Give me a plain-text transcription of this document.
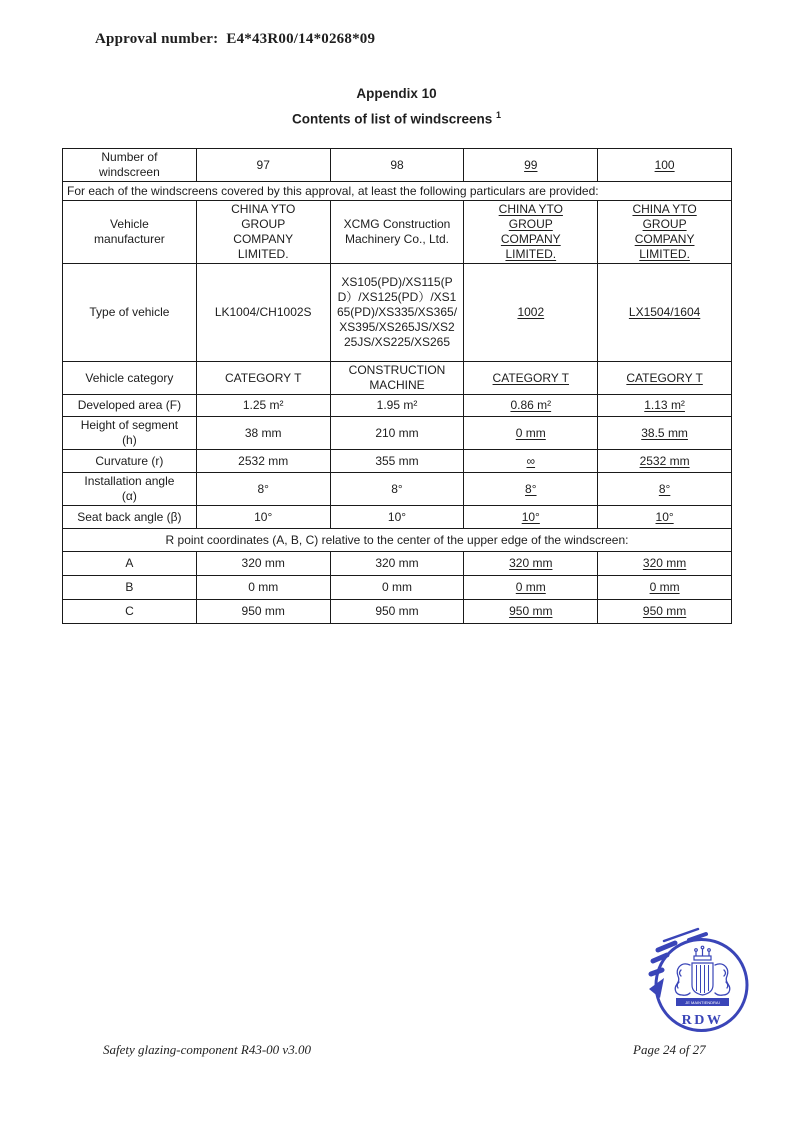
Approval number: E4*43R00/14*0268*09
Appendix 10
Contents of list of windscreens $^1$
Number of windscreen	97	98	99	100
For each of the windscreens covered by this approval, at least the following particulars are provided:				
Vehicle manufacturer	CHINA YTO GROUP COMPANY LIMITED.	XCMG Construction Machinery Co., Ltd.	CHINA YTO GROUP COMPANY LIMITED.	CHINA YTO GROUP COMPANY LIMITED.
Type of vehicle	LK1004/CH1002S	XS105(PD)/XS115(PD）/XS125(PD）/XS165(PD)/XS335/XS365/XS395/XS265JS/XS225JS/XS225/XS265	1002	LX1504/1604
Vehicle category	CATEGORY T	CONSTRUCTION MACHINE	CATEGORY T	CATEGORY T
Developed area (F)	1.25 m²	1.95 m²	0.86 m²	1.13 m²
Height of segment (h)	38 mm	210 mm	0 mm	38.5 mm
Curvature (r)	2532 mm	355 mm	∞	2532 mm
Installation angle (α)	8°	8°	8°	8°
Seat back angle (β)	10°	10°	10°	10°
R point coordinates (A, B, C) relative to the center of the upper edge of the windscreen:				
A	320 mm	320 mm	320 mm	320 mm
B	0 mm	0 mm	0 mm	0 mm
C	950 mm	950 mm	950 mm	950 mm
JE MAINTIENDRAI
RDW
Safety glazing-component R43-00 v3.00	Page 24 of 27
